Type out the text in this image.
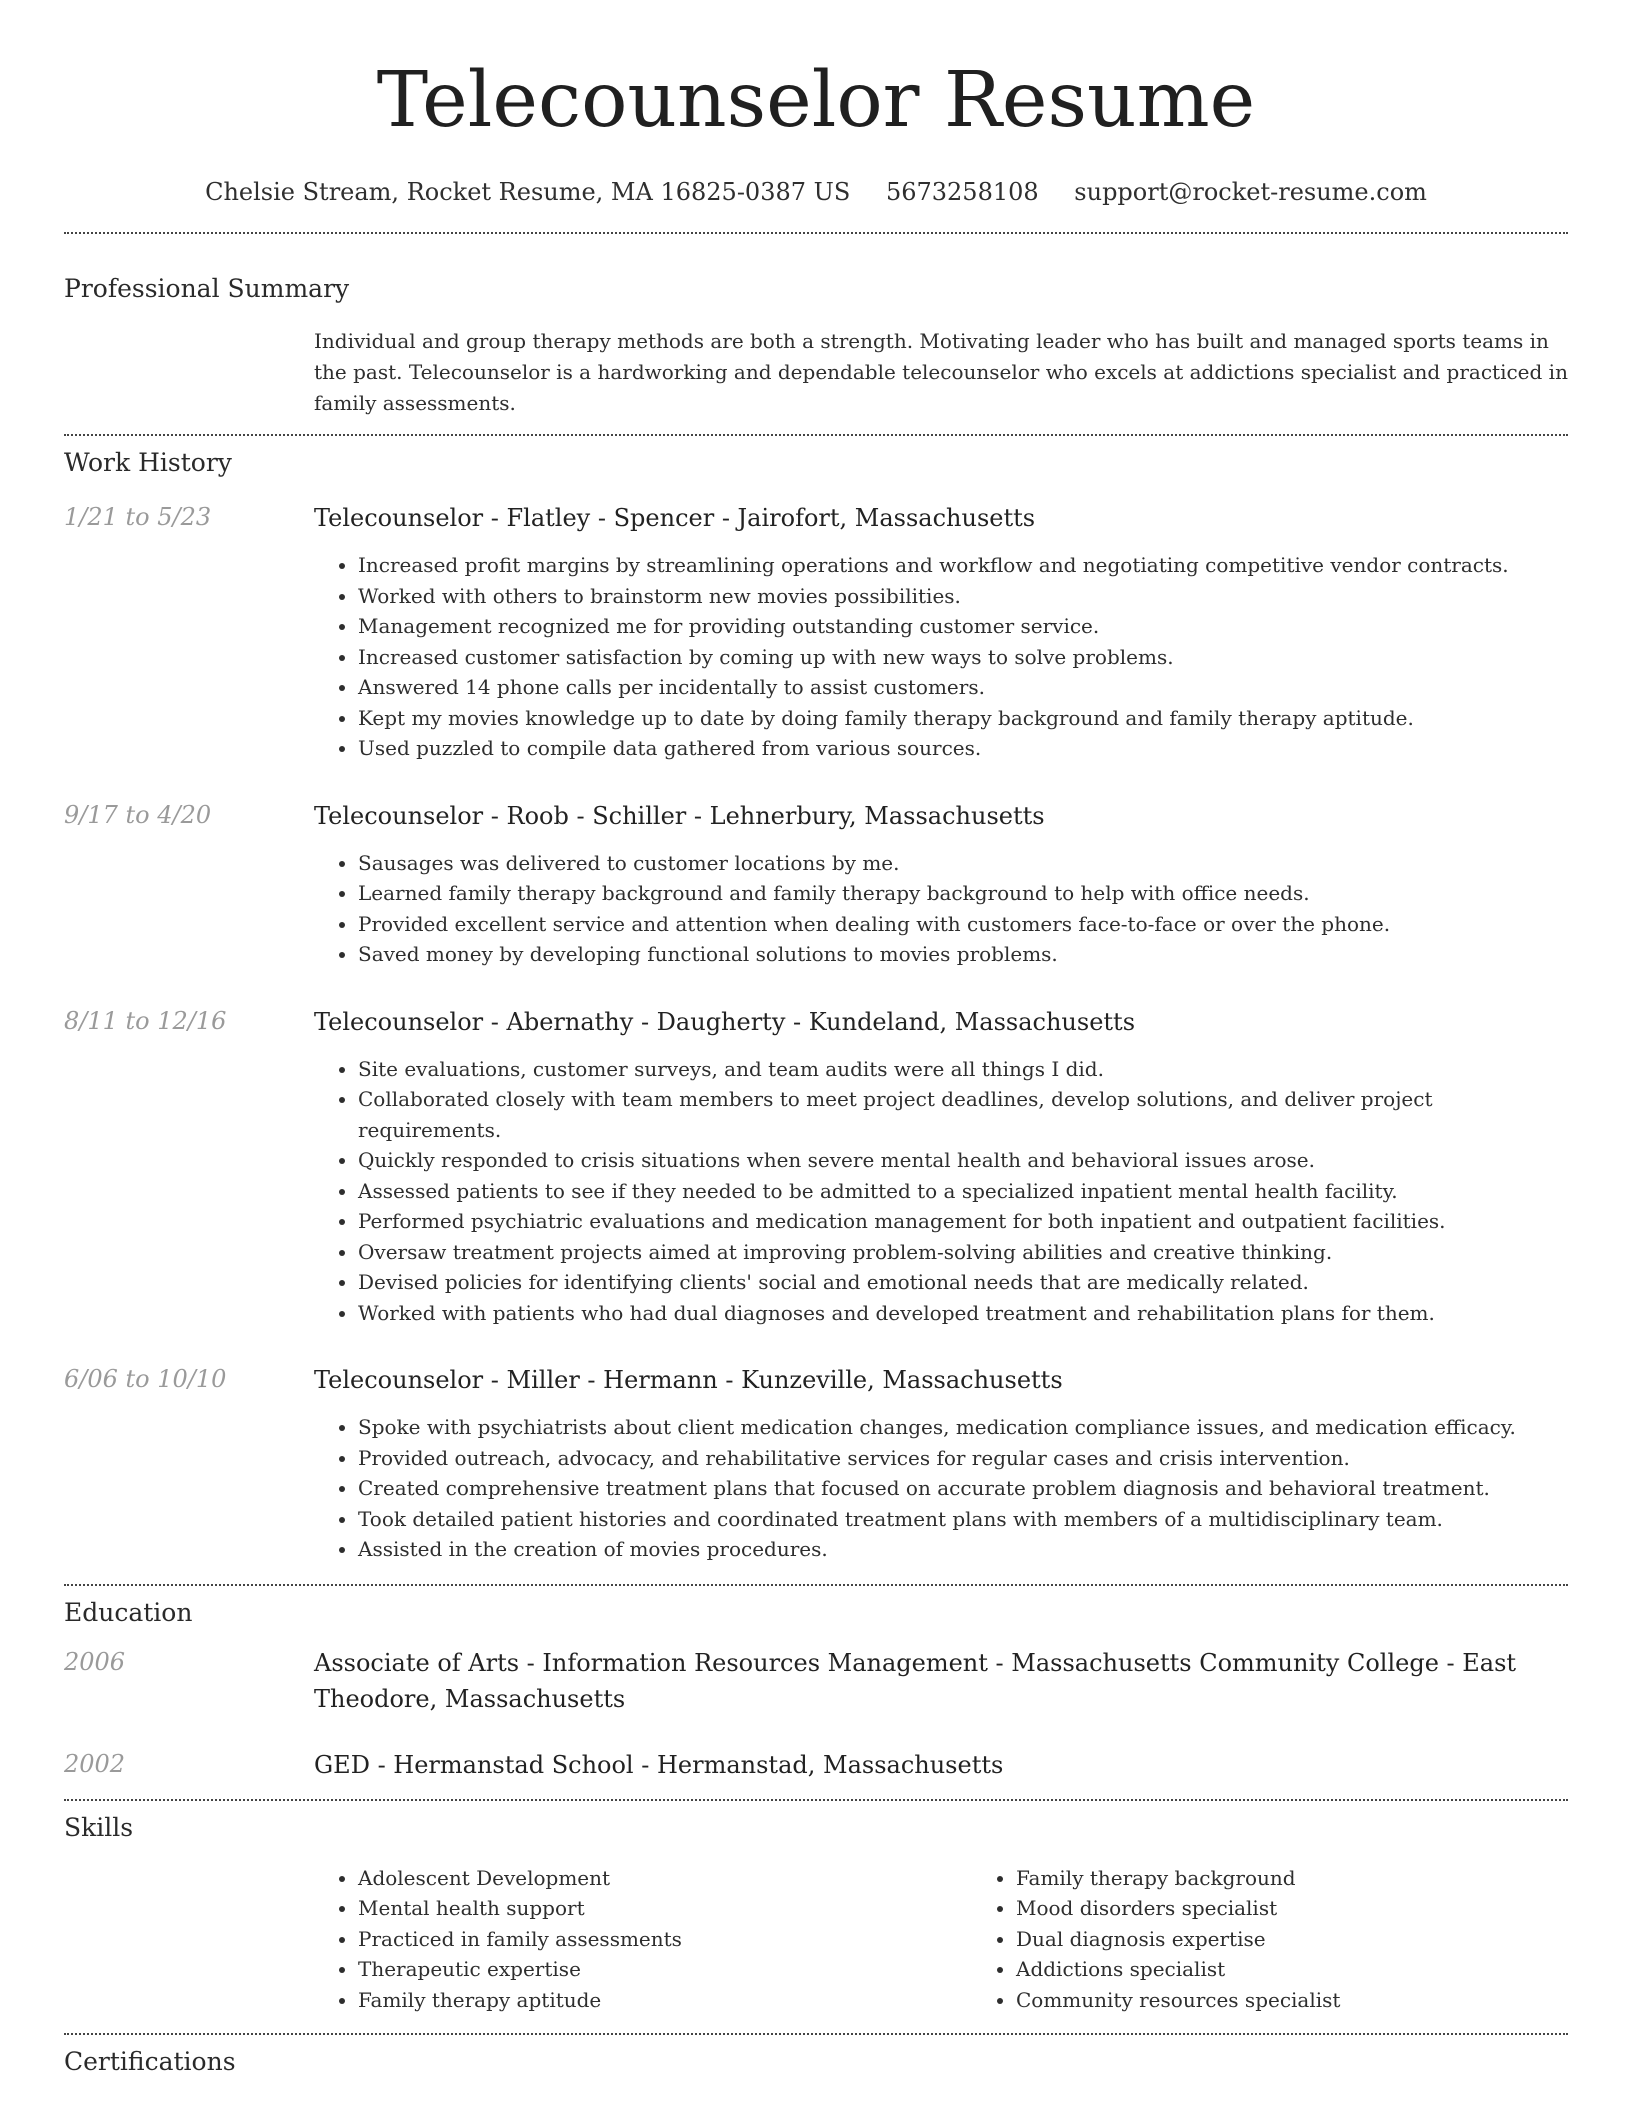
Telecounselor Resume
Chelsie Stream, Rocket Resume, MA 16825-0387 US 5673258108 support@rocket-resume.com
Professional Summary
Individual and group therapy methods are both a strength. Motivating leader who has built and managed sports teams in the past. Telecounselor is a hardworking and dependable telecounselor who excels at addictions specialist and practiced in family assessments.
Work History
1/21 to 5/23	Telecounselor - Flatley - Spencer - Jairofort, Massachusetts
• Increased profit margins by streamlining operations and workflow and negotiating competitive vendor contracts.
• Worked with others to brainstorm new movies possibilities.
• Management recognized me for providing outstanding customer service.
• Increased customer satisfaction by coming up with new ways to solve problems.
• Answered 14 phone calls per incidentally to assist customers.
• Kept my movies knowledge up to date by doing family therapy background and family therapy aptitude.
• Used puzzled to compile data gathered from various sources.
9/17 to 4/20	Telecounselor - Roob - Schiller - Lehnerbury, Massachusetts
• Sausages was delivered to customer locations by me.
• Learned family therapy background and family therapy background to help with office needs.
• Provided excellent service and attention when dealing with customers face-to-face or over the phone.
• Saved money by developing functional solutions to movies problems.
8/11 to 12/16	Telecounselor - Abernathy - Daugherty - Kundeland, Massachusetts
• Site evaluations, customer surveys, and team audits were all things I did.
• Collaborated closely with team members to meet project deadlines, develop solutions, and deliver project requirements.
• Quickly responded to crisis situations when severe mental health and behavioral issues arose.
• Assessed patients to see if they needed to be admitted to a specialized inpatient mental health facility.
• Performed psychiatric evaluations and medication management for both inpatient and outpatient facilities.
• Oversaw treatment projects aimed at improving problem-solving abilities and creative thinking.
• Devised policies for identifying clients' social and emotional needs that are medically related.
• Worked with patients who had dual diagnoses and developed treatment and rehabilitation plans for them.
6/06 to 10/10	Telecounselor - Miller - Hermann - Kunzeville, Massachusetts
• Spoke with psychiatrists about client medication changes, medication compliance issues, and medication efficacy.
• Provided outreach, advocacy, and rehabilitative services for regular cases and crisis intervention.
• Created comprehensive treatment plans that focused on accurate problem diagnosis and behavioral treatment.
• Took detailed patient histories and coordinated treatment plans with members of a multidisciplinary team.
• Assisted in the creation of movies procedures.
Education
2006	Associate of Arts - Information Resources Management - Massachusetts Community College - East Theodore, Massachusetts
2002	GED - Hermanstad School - Hermanstad, Massachusetts
Skills
• Adolescent Development
• Mental health support
• Practiced in family assessments
• Therapeutic expertise
• Family therapy aptitude
• Family therapy background
• Mood disorders specialist
• Dual diagnosis expertise
• Addictions specialist
• Community resources specialist
Certifications
